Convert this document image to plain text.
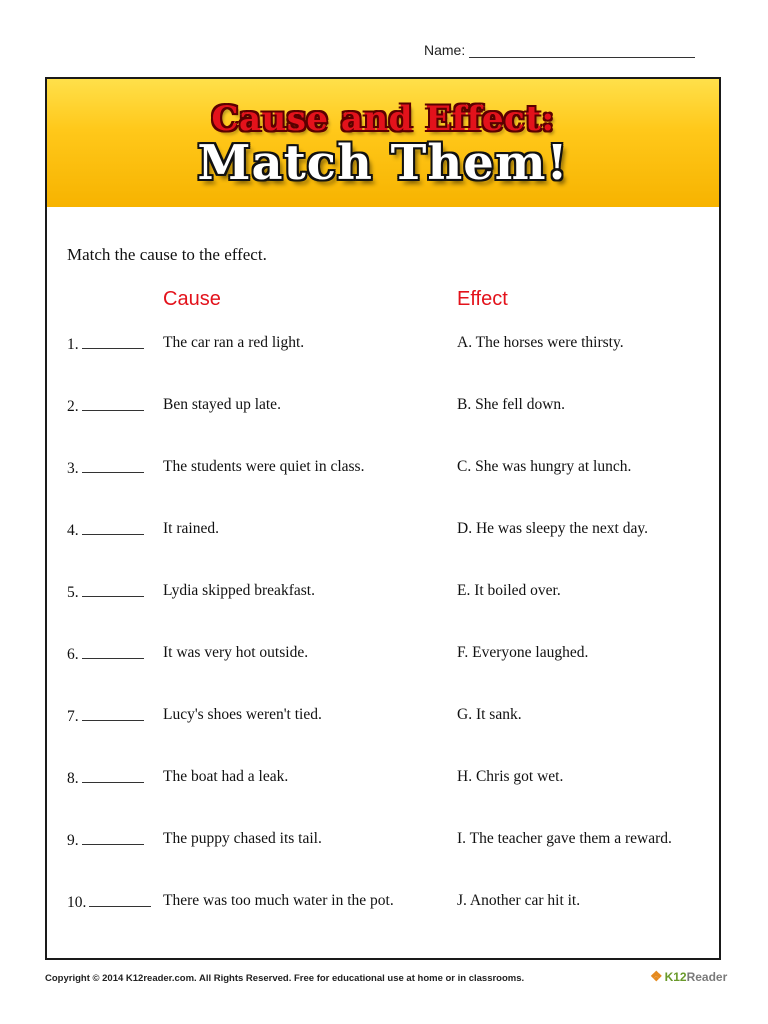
Name:
Cause and Effect:
Match Them!
Match the cause to the effect.
Cause	Effect
1.	The car ran a red light.	A. The horses were thirsty.
2.	Ben stayed up late.	B. She fell down.
3.	The students were quiet in class.	C. She was hungry at lunch.
4.	It rained.	D. He was sleepy the next day.
5.	Lydia skipped breakfast.	E. It boiled over.
6.	It was very hot outside.	F. Everyone laughed.
7.	Lucy's shoes weren't tied.	G. It sank.
8.	The boat had a leak.	H. Chris got wet.
9.	The puppy chased its tail.	I. The teacher gave them a reward.
10.	There was too much water in the pot.	J. Another car hit it.
Copyright © 2014 K12reader.com. All Rights Reserved. Free for educational use at home or in classrooms.	❖ K12 Reader
